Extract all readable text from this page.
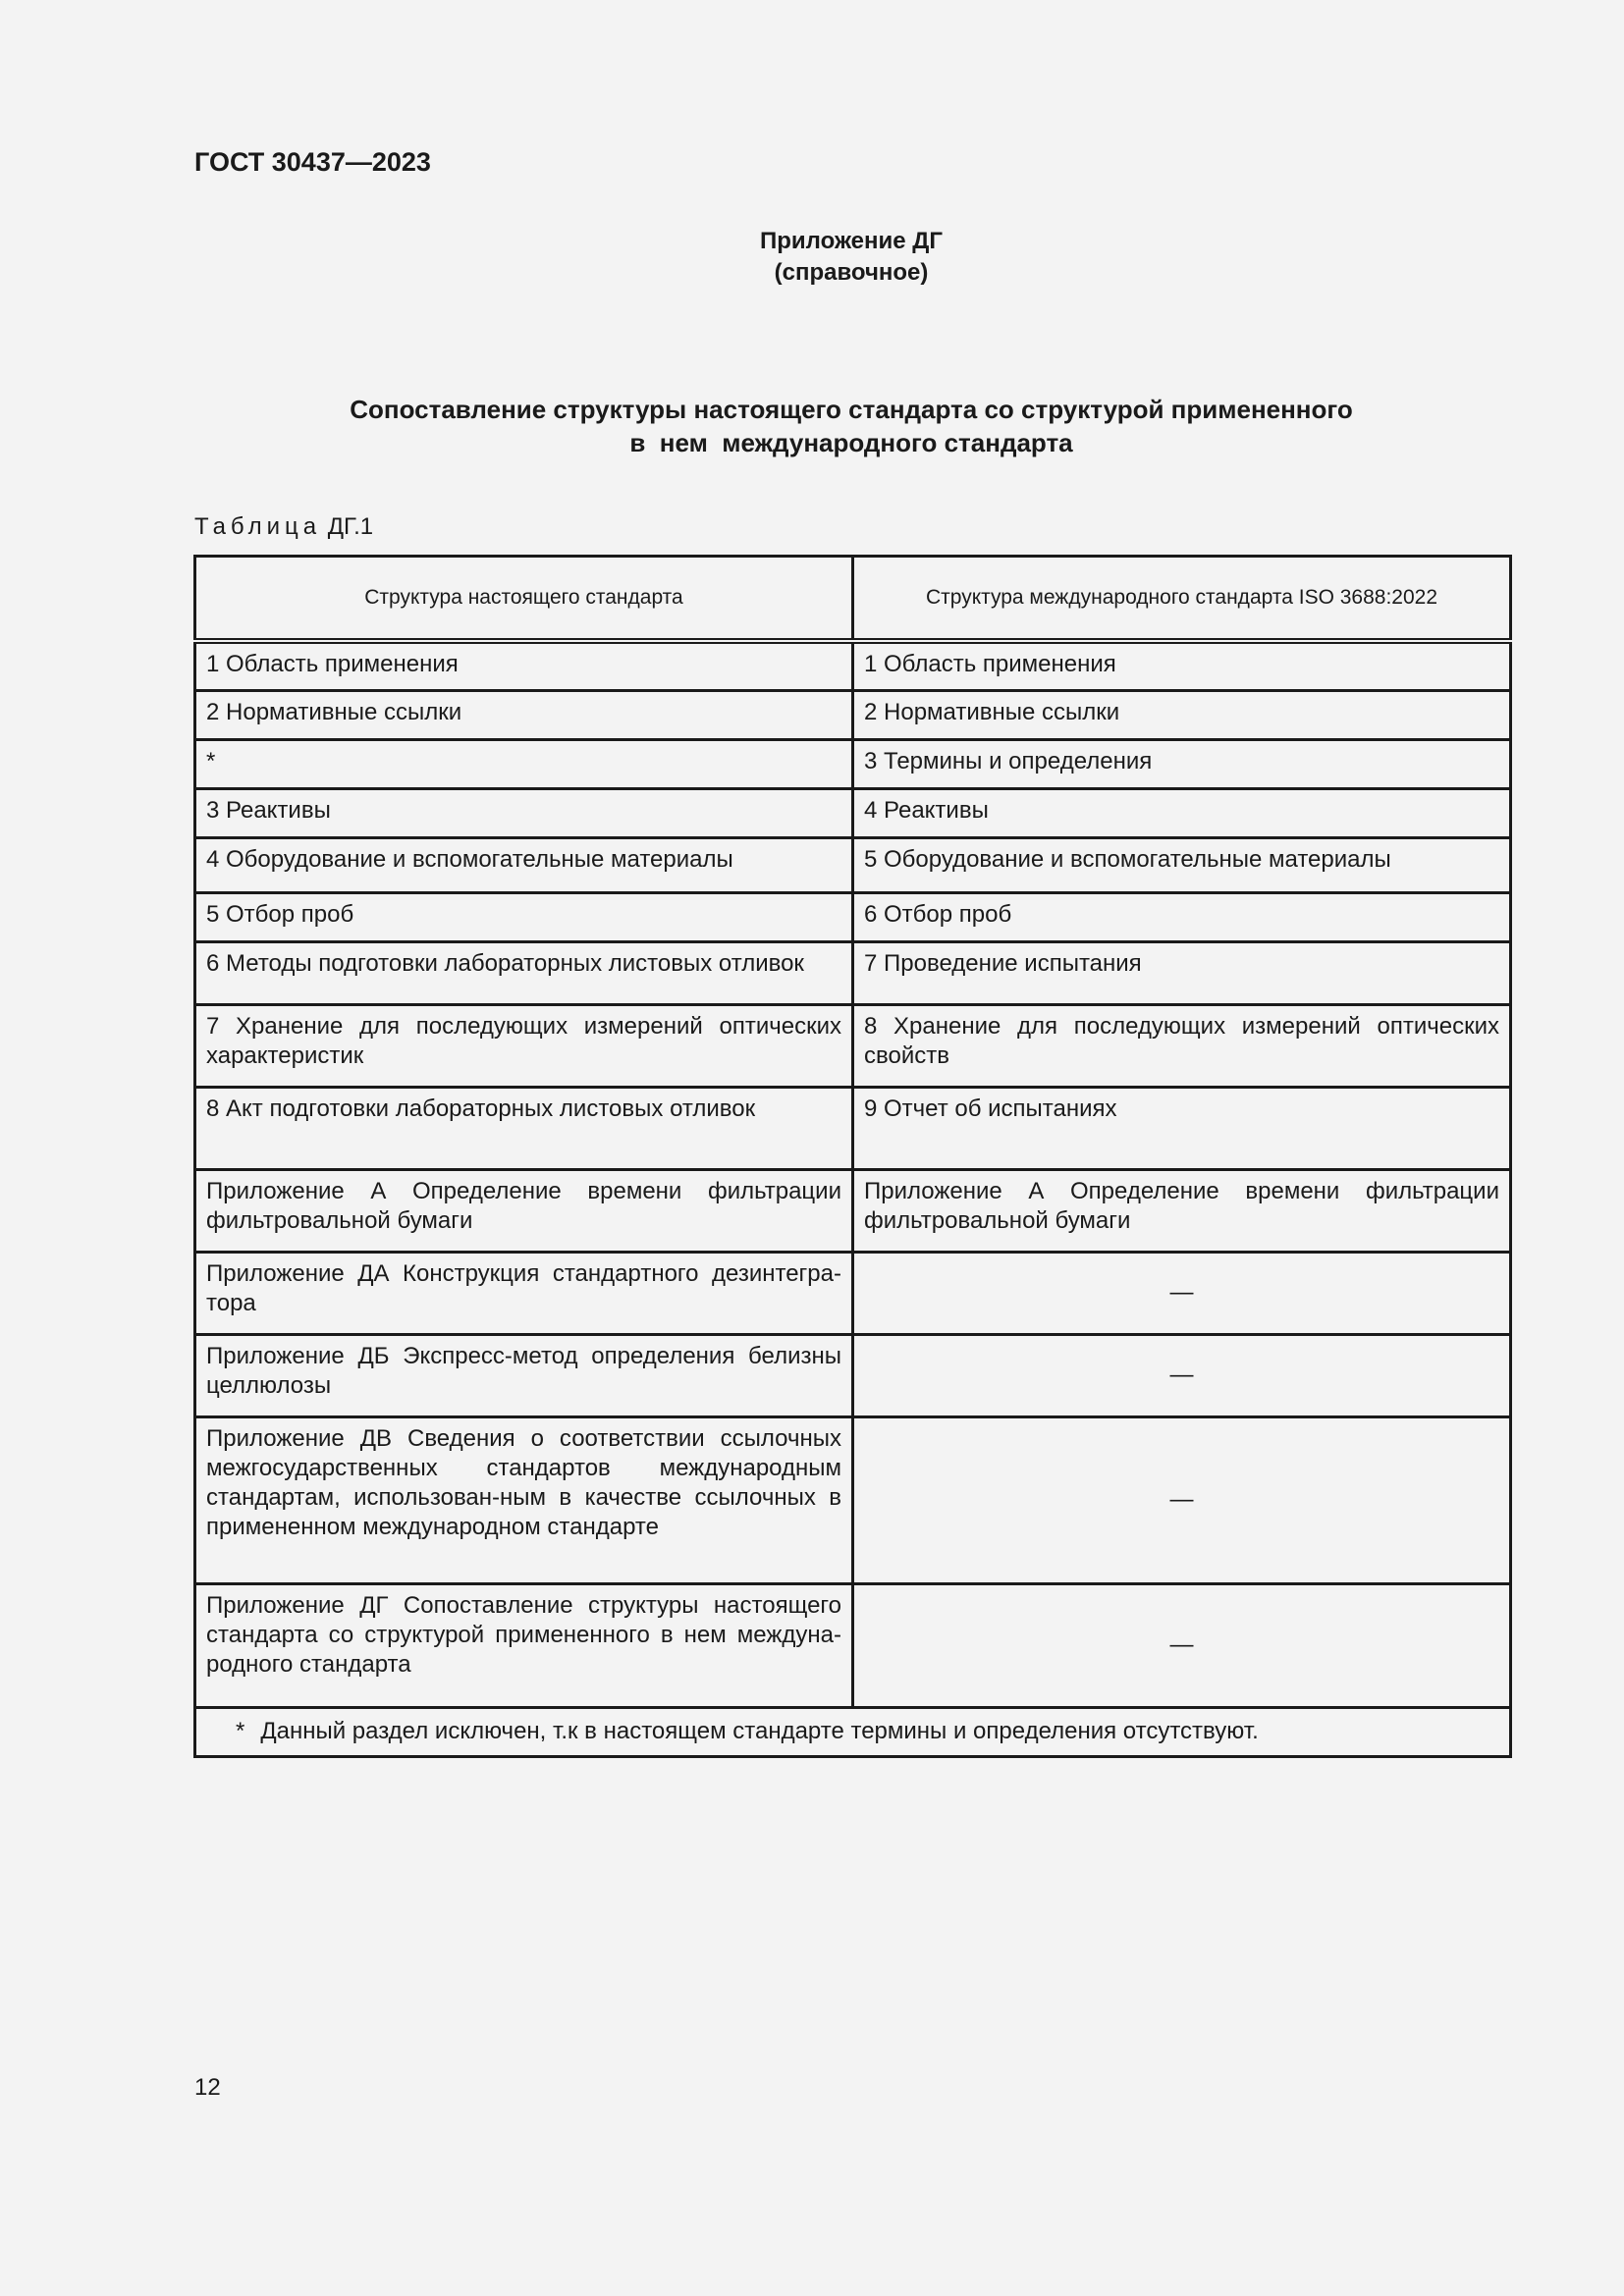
ГОСТ 30437—2023
Приложение ДГ
(справочное)
Сопоставление структуры настоящего стандарта со структурой примененного
в  нем  международного стандарта
Таблица ДГ.1
Структура настоящего стандарта	Структура международного стандарта ISO 3688:2022
1 Область применения	1 Область применения
2 Нормативные ссылки	2 Нормативные ссылки
*	3 Термины и определения
3 Реактивы	4 Реактивы
4 Оборудование и вспомогательные материалы	5 Оборудование и вспомогательные материалы
5 Отбор проб	6 Отбор проб
6 Методы подготовки лабораторных листовых отливок	7 Проведение испытания
7 Хранение для последующих измерений оптических характеристик	8 Хранение для последующих измерений оптических свойств
8 Акт подготовки лабораторных листовых отливок	9 Отчет об испытаниях
Приложение А Определение времени фильтрации фильтровальной бумаги	Приложение А Определение времени фильтрации фильтровальной бумаги
Приложение ДА Конструкция стандартного дезинтегра-тора	—
Приложение ДБ Экспресс-метод определения белизны целлюлозы	—
Приложение ДВ Сведения о соответствии ссылочных межгосударственных стандартов международным стандартам, использован-ным в качестве ссылочных в примененном международном стандарте	—
Приложение ДГ Сопоставление структуры настоящего стандарта со структурой примененного в нем междуна-родного стандарта	—
* Данный раздел исключен, т.к в настоящем стандарте термины и определения отсутствуют.	
12
